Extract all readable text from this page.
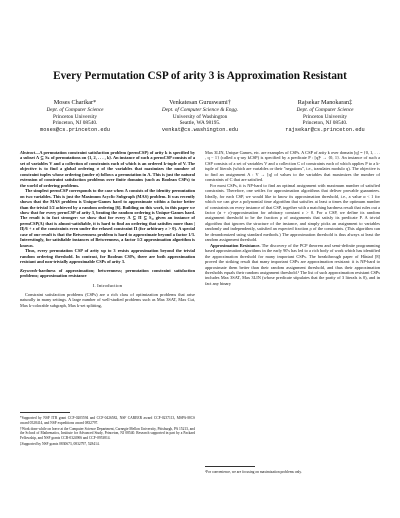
Every Permutation CSP of arity 3 is Approximation Resistant
Moses Charikar*
Dept. of Computer Science
Princeton University
Princeton, NJ 08540.
moses@cs.princeton.edu
Venkatesan Guruswami†
Dept. of Computer Science & Engg.
University of Washington
Seattle, WA 98195.
venkat@cs.washington.edu
Rajsekar Manokaran‡
Dept. of Computer Science
Princeton University
Princeton, NJ 08540.
rajsekar@cs.princeton.edu

Abstract—A permutation constraint satisfaction problem (permCSP) of arity k is specified by a subset Λ ⊆ Sₖ of permutations on {1, 2, . . . , k}. An instance of such a permCSP consists of a set of variables V and a collection of constraints each of which is an ordered k-tuple of V. The objective is to find a global ordering σ of the variables that maximizes the number of constraint tuples whose ordering (under σ) follows a permutation in Λ. This is just the natural extension of constraint satisfaction problems over finite domains (such as Boolean CSPs) to the world of ordering problems.

The simplest permCSP corresponds to the case when Λ consists of the identity permutation on two variables. This is just the Maximum Acyclic Subgraph (MAS) problem. It was recently shown that the MAS problem is Unique-Games hard to approximate within a factor better than the trivial 1/2 achieved by a random ordering [6]. Building on this work, in this paper we show that for every permCSP of arity 3, beating the random ordering is Unique-Games hard. The result is in fact stronger: we show that for every Λ ⊆ Π ⊆ S₃, given an instance of permCSP(Λ) that is almost-satisfiable, it is hard to find an ordering that satisfies more than |Π|/6 + ε of the constraints even under the relaxed constraint Π (for arbitrary ε > 0). A special case of our result is that the Betweenness problem is hard to approximate beyond a factor 1/3. Interestingly, for satisfiable instances of Betweenness, a factor 1/2 approximation algorithm is known.

Thus, every permutation CSP of arity up to 3 resists approximation beyond the trivial random ordering threshold. In contrast, for Boolean CSPs, there are both approximation resistant and non-trivially approximable CSPs of arity 3.

Keywords-hardness of approximation; betweenness; permutation constraint satisfaction problems; approximation resistance

I. Introduction

Constraint satisfaction problems (CSPs) are a rich class of optimization problems that arise naturally in many settings. A large number of well-studied problems such as Max 3SAT, Max Cut, Max k-colorable subgraph, Max k-set splitting,

*Supported by NSF ITR grant CCF-0205594 and CCF-0426582, NSF CAREER award CCF-0237113, MSPA-MCS award 0528414, and NSF expeditions award 0832797.

†Work done while on leave at the Computer Science Department, Carnegie Mellon University, Pittsburgh, PA 15213, and the School of Mathematics, Institute for Advanced Study, Princeton, NJ 08540. Research supported in part by a Packard Fellowship, and NSF grants CCR-0324906 and CCF-0953814.

‡Supported by NSF grants 0830673, 0832797, 528414.

Max 3LIN, Unique Games, etc. are examples of CSPs. A CSP of arity k over domain [q] = {0, 1, . . . , q − 1} (called a q-ary kCSP) is specified by a predicate P : [q]ᵏ → {0, 1}. An instance of such a CSP consists of a set of variables V and a collection C of constraints each of which applies P to a k-tuple of literals (which are variables or their "negations", i.e., translates modulo q). The objective is to find an assignment A : V → [q] of values to the variables that maximizes the number of constraints of C that are satisfied.

For most CSPs, it is NP-hard to find an optimal assignment with maximum number of satisfied constraints. Therefore, one settles for approximation algorithms that deliver provable guarantees. Ideally, for each CSP, we would like to know its approximation threshold, i.e., a value α < 1 for which we can give a polynomial time algorithm that satisfies at least α times the optimum number of constraints on every instance of that CSP, together with a matching hardness result that rules out a factor (α + ε)-approximation for arbitrary constant ε > 0. For a CSP, we define its random assignment threshold to be the fraction ρ of assignments that satisfy its predicate P. A trivial algorithm that ignores the structure of the instance, and simply picks an assignment to variables randomly and independently, satisfied an expected fraction ρ of the constraints. (This algorithm can be derandomized using standard methods.) The approximation threshold is thus always at least the random assignment threshold.

Approximation Resistance. The discovery of the PCP theorem and semi-definite programming based approximation algorithms in the early 90's has led to a rich body of work which has identified the approximation threshold for many important CSPs. The breakthrough paper of Håstad [8] proved the striking result that many important CSPs are approximation resistant: it is NP-hard to approximate them better than their random assignment threshold, and thus their approximation thresholds equals their random assignment threshold.¹ The list of such approximation resistant CSPs includes Max 3SAT, Max 3LIN (whose predicate stipulates that the parity of 3 literals is 0), and in fact any binary

¹For convenience, we are focusing on maximization problems only.
